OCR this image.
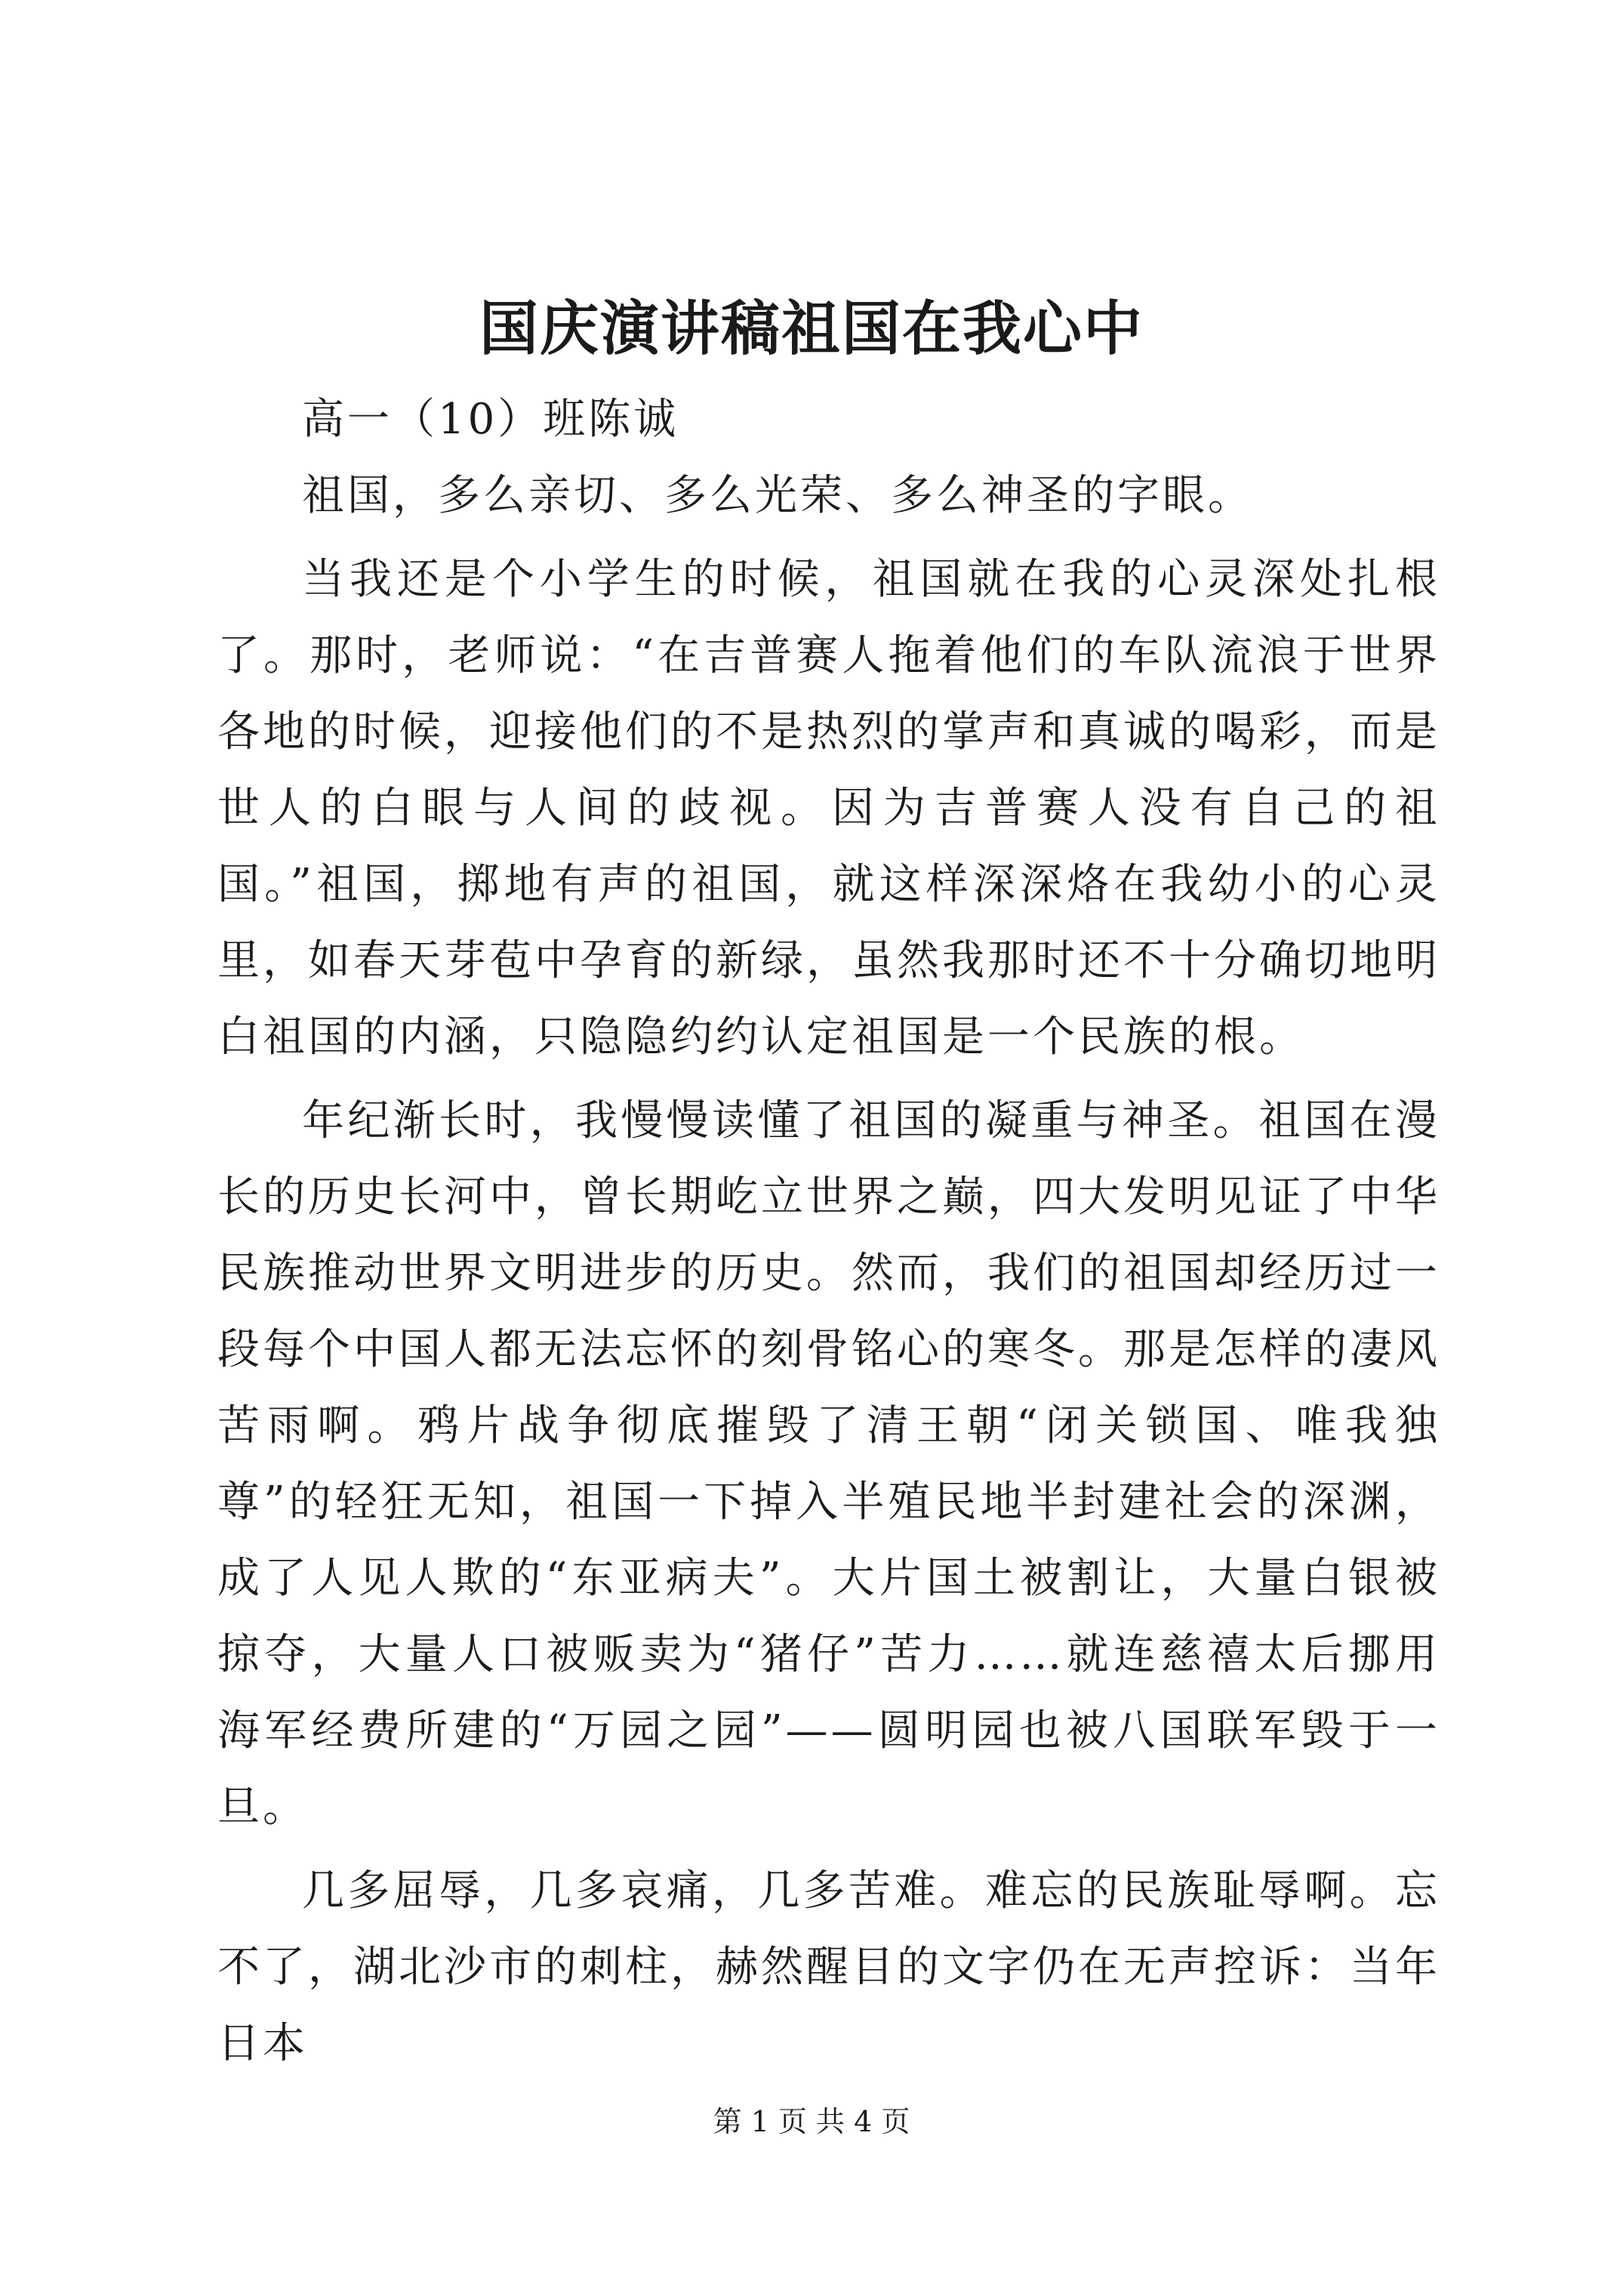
国庆演讲稿祖国在我心中

高一（10）班陈诚

祖国，多么亲切、多么光荣、多么神圣的字眼。

当我还是个小学生的时候，祖国就在我的心灵深处扎根了。那时，老师说：“在吉普赛人拖着他们的车队流浪于世界各地的时候，迎接他们的不是热烈的掌声和真诚的喝彩，而是世人的白眼与人间的歧视。因为吉普赛人没有自己的祖国。”祖国，掷地有声的祖国，就这样深深烙在我幼小的心灵里，如春天芽苞中孕育的新绿，虽然我那时还不十分确切地明白祖国的内涵，只隐隐约约认定祖国是一个民族的根。

年纪渐长时，我慢慢读懂了祖国的凝重与神圣。祖国在漫长的历史长河中，曾长期屹立世界之巅，四大发明见证了中华民族推动世界文明进步的历史。然而，我们的祖国却经历过一段每个中国人都无法忘怀的刻骨铭心的寒冬。那是怎样的凄风苦雨啊。鸦片战争彻底摧毁了清王朝“闭关锁国、唯我独尊”的轻狂无知，祖国一下掉入半殖民地半封建社会的深渊，成了人见人欺的“东亚病夫”。大片国土被割让，大量白银被掠夺，大量人口被贩卖为“猪仔”苦力……就连慈禧太后挪用海军经费所建的“万园之园”——圆明园也被八国联军毁于一旦。

几多屈辱，几多哀痛，几多苦难。难忘的民族耻辱啊。忘不了，湖北沙市的刺柱，赫然醒目的文字仍在无声控诉：当年日本

第 1 页 共 4 页
